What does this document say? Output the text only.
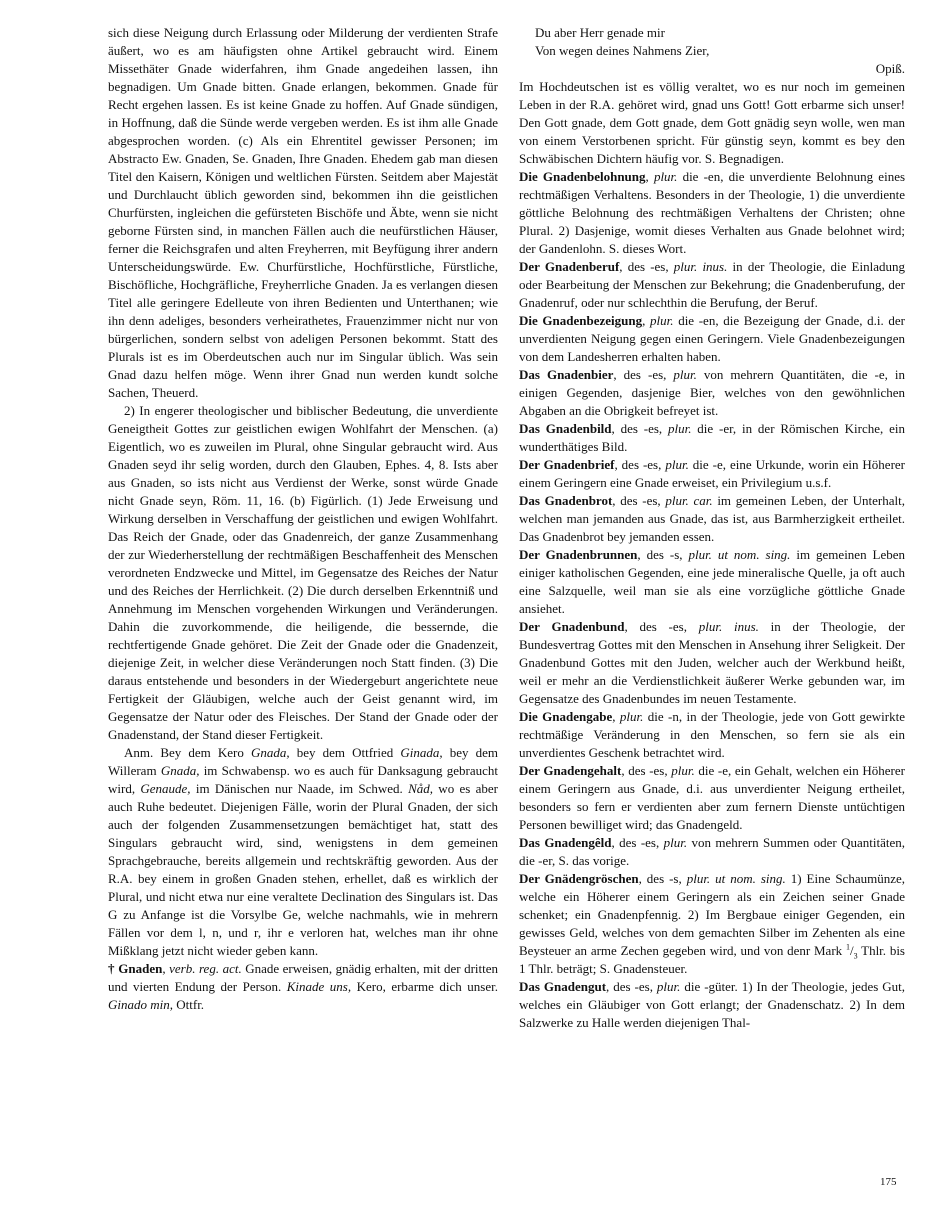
sich diese Neigung durch Erlassung oder Milderung der verdienten Strafe äußert, wo es am häufigsten ohne Artikel gebraucht wird. Einem Missethäter Gnade widerfahren, ihm Gnade angedeihen lassen, ihn begnadigen. Um Gnade bitten. Gnade erlangen, bekommen. Gnade für Recht ergehen lassen. Es ist keine Gnade zu hoffen. Auf Gnade sündigen, in Hoffnung, daß die Sünde werde vergeben werden. Es ist ihm alle Gnade abgesprochen worden. (c) Als ein Ehrentitel gewisser Personen; im Abstracto Ew. Gnaden, Se. Gnaden, Ihre Gnaden. Ehedem gab man diesen Titel den Kaisern, Königen und weltlichen Fürsten. Seitdem aber Majestät und Durchlaucht üblich geworden sind, bekommen ihn die geistlichen Churfürsten, ingleichen die gefürsteten Bischöfe und Äbte, wenn sie nicht geborne Fürsten sind, in manchen Fällen auch die neufürstlichen Häuser, ferner die Reichsgrafen und alten Freyherren, mit Beyfügung ihrer andern Unterscheidungswürde. Ew. Churfürstliche, Hochfürstliche, Fürstliche, Bischöfliche, Hochgräfliche, Freyherrliche Gnaden. Ja es verlangen diesen Titel alle geringere Edelleute von ihren Bedienten und Unterthanen; wie ihn denn adeliges, besonders verheirathetes, Frauenzimmer nicht nur von bürgerlichen, sondern selbst von adeligen Personen bekommt. Statt des Plurals ist es im Oberdeutschen auch nur im Singular üblich. Was sein Gnad dazu helfen möge. Wenn ihrer Gnad nun werden kundt solche Sachen, Theuerd.

2) In engerer theologischer und biblischer Bedeutung, die unverdiente Geneigtheit Gottes zur geistlichen ewigen Wohlfahrt der Menschen. (a) Eigentlich, wo es zuweilen im Plural, ohne Singular gebraucht wird. Aus Gnaden seyd ihr selig worden, durch den Glauben, Ephes. 4, 8. Ists aber aus Gnaden, so ists nicht aus Verdienst der Werke, sonst würde Gnade nicht Gnade seyn, Röm. 11, 16. (b) Figürlich. (1) Jede Erweisung und Wirkung derselben in Verschaffung der geistlichen und ewigen Wohlfahrt. Das Reich der Gnade, oder das Gnadenreich, der ganze Zusammenhang der zur Wiederherstellung der rechtmäßigen Beschaffenheit des Menschen verordneten Endzwecke und Mittel, im Gegensatze des Reiches der Natur und des Reiches der Herrlichkeit. (2) Die durch derselben Erkenntniß und Annehmung im Menschen vorgehenden Wirkungen und Veränderungen. Dahin die zuvorkommende, die heiligende, die bessernde, die rechtfertigende Gnade gehöret. Die Zeit der Gnade oder die Gnadenzeit, diejenige Zeit, in welcher diese Veränderungen noch Statt finden. (3) Die daraus entstehende und besonders in der Wiedergeburt angerichtete neue Fertigkeit der Gläubigen, welche auch der Geist genannt wird, im Gegensatze der Natur oder des Fleisches. Der Stand der Gnade oder der Gnadenstand, der Stand dieser Fertigkeit.

Anm. Bey dem Kero Gnada, bey dem Ottfried Ginada, bey dem Willeram Gnada, im Schwabensp. wo es auch für Danksagung gebraucht wird, Genaude, im Dänischen nur Naade, im Schwed. Nåd, wo es aber auch Ruhe bedeutet. Diejenigen Fälle, worin der Plural Gnaden, der sich auch der folgenden Zusammensetzungen bemächtiget hat, statt des Singulars gebraucht wird, sind, wenigstens in dem gemeinen Sprachgebrauche, bereits allgemein und rechtskräftig geworden. Aus der R.A. bey einem in großen Gnaden stehen, erhellet, daß es wirklich der Plural, und nicht etwa nur eine veraltete Declination des Singulars ist. Das G zu Anfange ist die Vorsylbe Ge, welche nachmahls, wie in mehrern Fällen vor dem l, n, und r, ihr e verloren hat, welches man ihr ohne Mißklang jetzt nicht wieder geben kann.

† Gnaden, verb. reg. act. Gnade erweisen, gnädig erhalten, mit der dritten und vierten Endung der Person. Kinade uns, Kero, erbarme dich unser. Ginado min, Ottfr.

Du aber Herr genade mir

Von wegen deines Nahmens Zier,

Opiß.

Im Hochdeutschen ist es völlig veraltet, wo es nur noch im gemeinen Leben in der R.A. gehöret wird, gnad uns Gott! Gott erbarme sich unser! Den Gott gnade, dem Gott gnade, dem Gott gnädig seyn wolle, wen man von einem Verstorbenen spricht. Für günstig seyn, kommt es bey den Schwäbischen Dichtern häufig vor. S. Begnadigen.

Die Gnadenbelohnung, plur. die -en, die unverdiente Belohnung eines rechtmäßigen Verhaltens. Besonders in der Theologie, 1) die unverdiente göttliche Belohnung des rechtmäßigen Verhaltens der Christen; ohne Plural. 2) Dasjenige, womit dieses Verhalten aus Gnade belohnet wird; der Gandenlohn. S. dieses Wort.

Der Gnadenberuf, des -es, plur. inus. in der Theologie, die Einladung oder Bearbeitung der Menschen zur Bekehrung; die Gnadenberufung, der Gnadenruf, oder nur schlechthin die Berufung, der Beruf.

Die Gnadenbezeigung, plur. die -en, die Bezeigung der Gnade, d.i. der unverdienten Neigung gegen einen Geringern. Viele Gnadenbezeigungen von dem Landesherren erhalten haben.

Das Gnadenbier, des -es, plur. von mehrern Quantitäten, die -e, in einigen Gegenden, dasjenige Bier, welches von den gewöhnlichen Abgaben an die Obrigkeit befreyet ist.

Das Gnadenbild, des -es, plur. die -er, in der Römischen Kirche, ein wunderthätiges Bild.

Der Gnadenbrief, des -es, plur. die -e, eine Urkunde, worin ein Höherer einem Geringern eine Gnade erweiset, ein Privilegium u.s.f.

Das Gnadenbrot, des -es, plur. car. im gemeinen Leben, der Unterhalt, welchen man jemanden aus Gnade, das ist, aus Barmherzigkeit ertheilet. Das Gnadenbrot bey jemanden essen.

Der Gnadenbrunnen, des -s, plur. ut nom. sing. im gemeinen Leben einiger katholischen Gegenden, eine jede mineralische Quelle, ja oft auch eine Salzquelle, weil man sie als eine vorzügliche göttliche Gnade ansiehet.

Der Gnadenbund, des -es, plur. inus. in der Theologie, der Bundesvertrag Gottes mit den Menschen in Ansehung ihrer Seligkeit. Der Gnadenbund Gottes mit den Juden, welcher auch der Werkbund heißt, weil er mehr an die Verdienstlichkeit äußerer Werke gebunden war, im Gegensatze des Gnadenbundes im neuen Testamente.

Die Gnadengabe, plur. die -n, in der Theologie, jede von Gott gewirkte rechtmäßige Veränderung in den Menschen, so fern sie als ein unverdientes Geschenk betrachtet wird.

Der Gnadengehalt, des -es, plur. die -e, ein Gehalt, welchen ein Höherer einem Geringern aus Gnade, d.i. aus unverdienter Neigung ertheilet, besonders so fern er verdienten aber zum fernern Dienste untüchtigen Personen bewilliget wird; das Gnadengeld.

Das Gnadengêld, des -es, plur. von mehrern Summen oder Quantitäten, die -er, S. das vorige.

Der Gnädengröschen, des -s, plur. ut nom. sing. 1) Eine Schaumünze, welche ein Höherer einem Geringern als ein Zeichen seiner Gnade schenket; ein Gnadenpfennig. 2) Im Bergbaue einiger Gegenden, ein gewisses Geld, welches von dem gemachten Silber im Zehenten als eine Beysteuer an arme Zechen gegeben wird, und von denr Mark $^1/_3$ Thlr. bis 1 Thlr. beträgt; S. Gnadensteuer.

Das Gnadengut, des -es, plur. die -güter. 1) In der Theologie, jedes Gut, welches ein Gläubiger von Gott erlangt; der Gnadenschatz. 2) In dem Salzwerke zu Halle werden diejenigen Thal-

175
